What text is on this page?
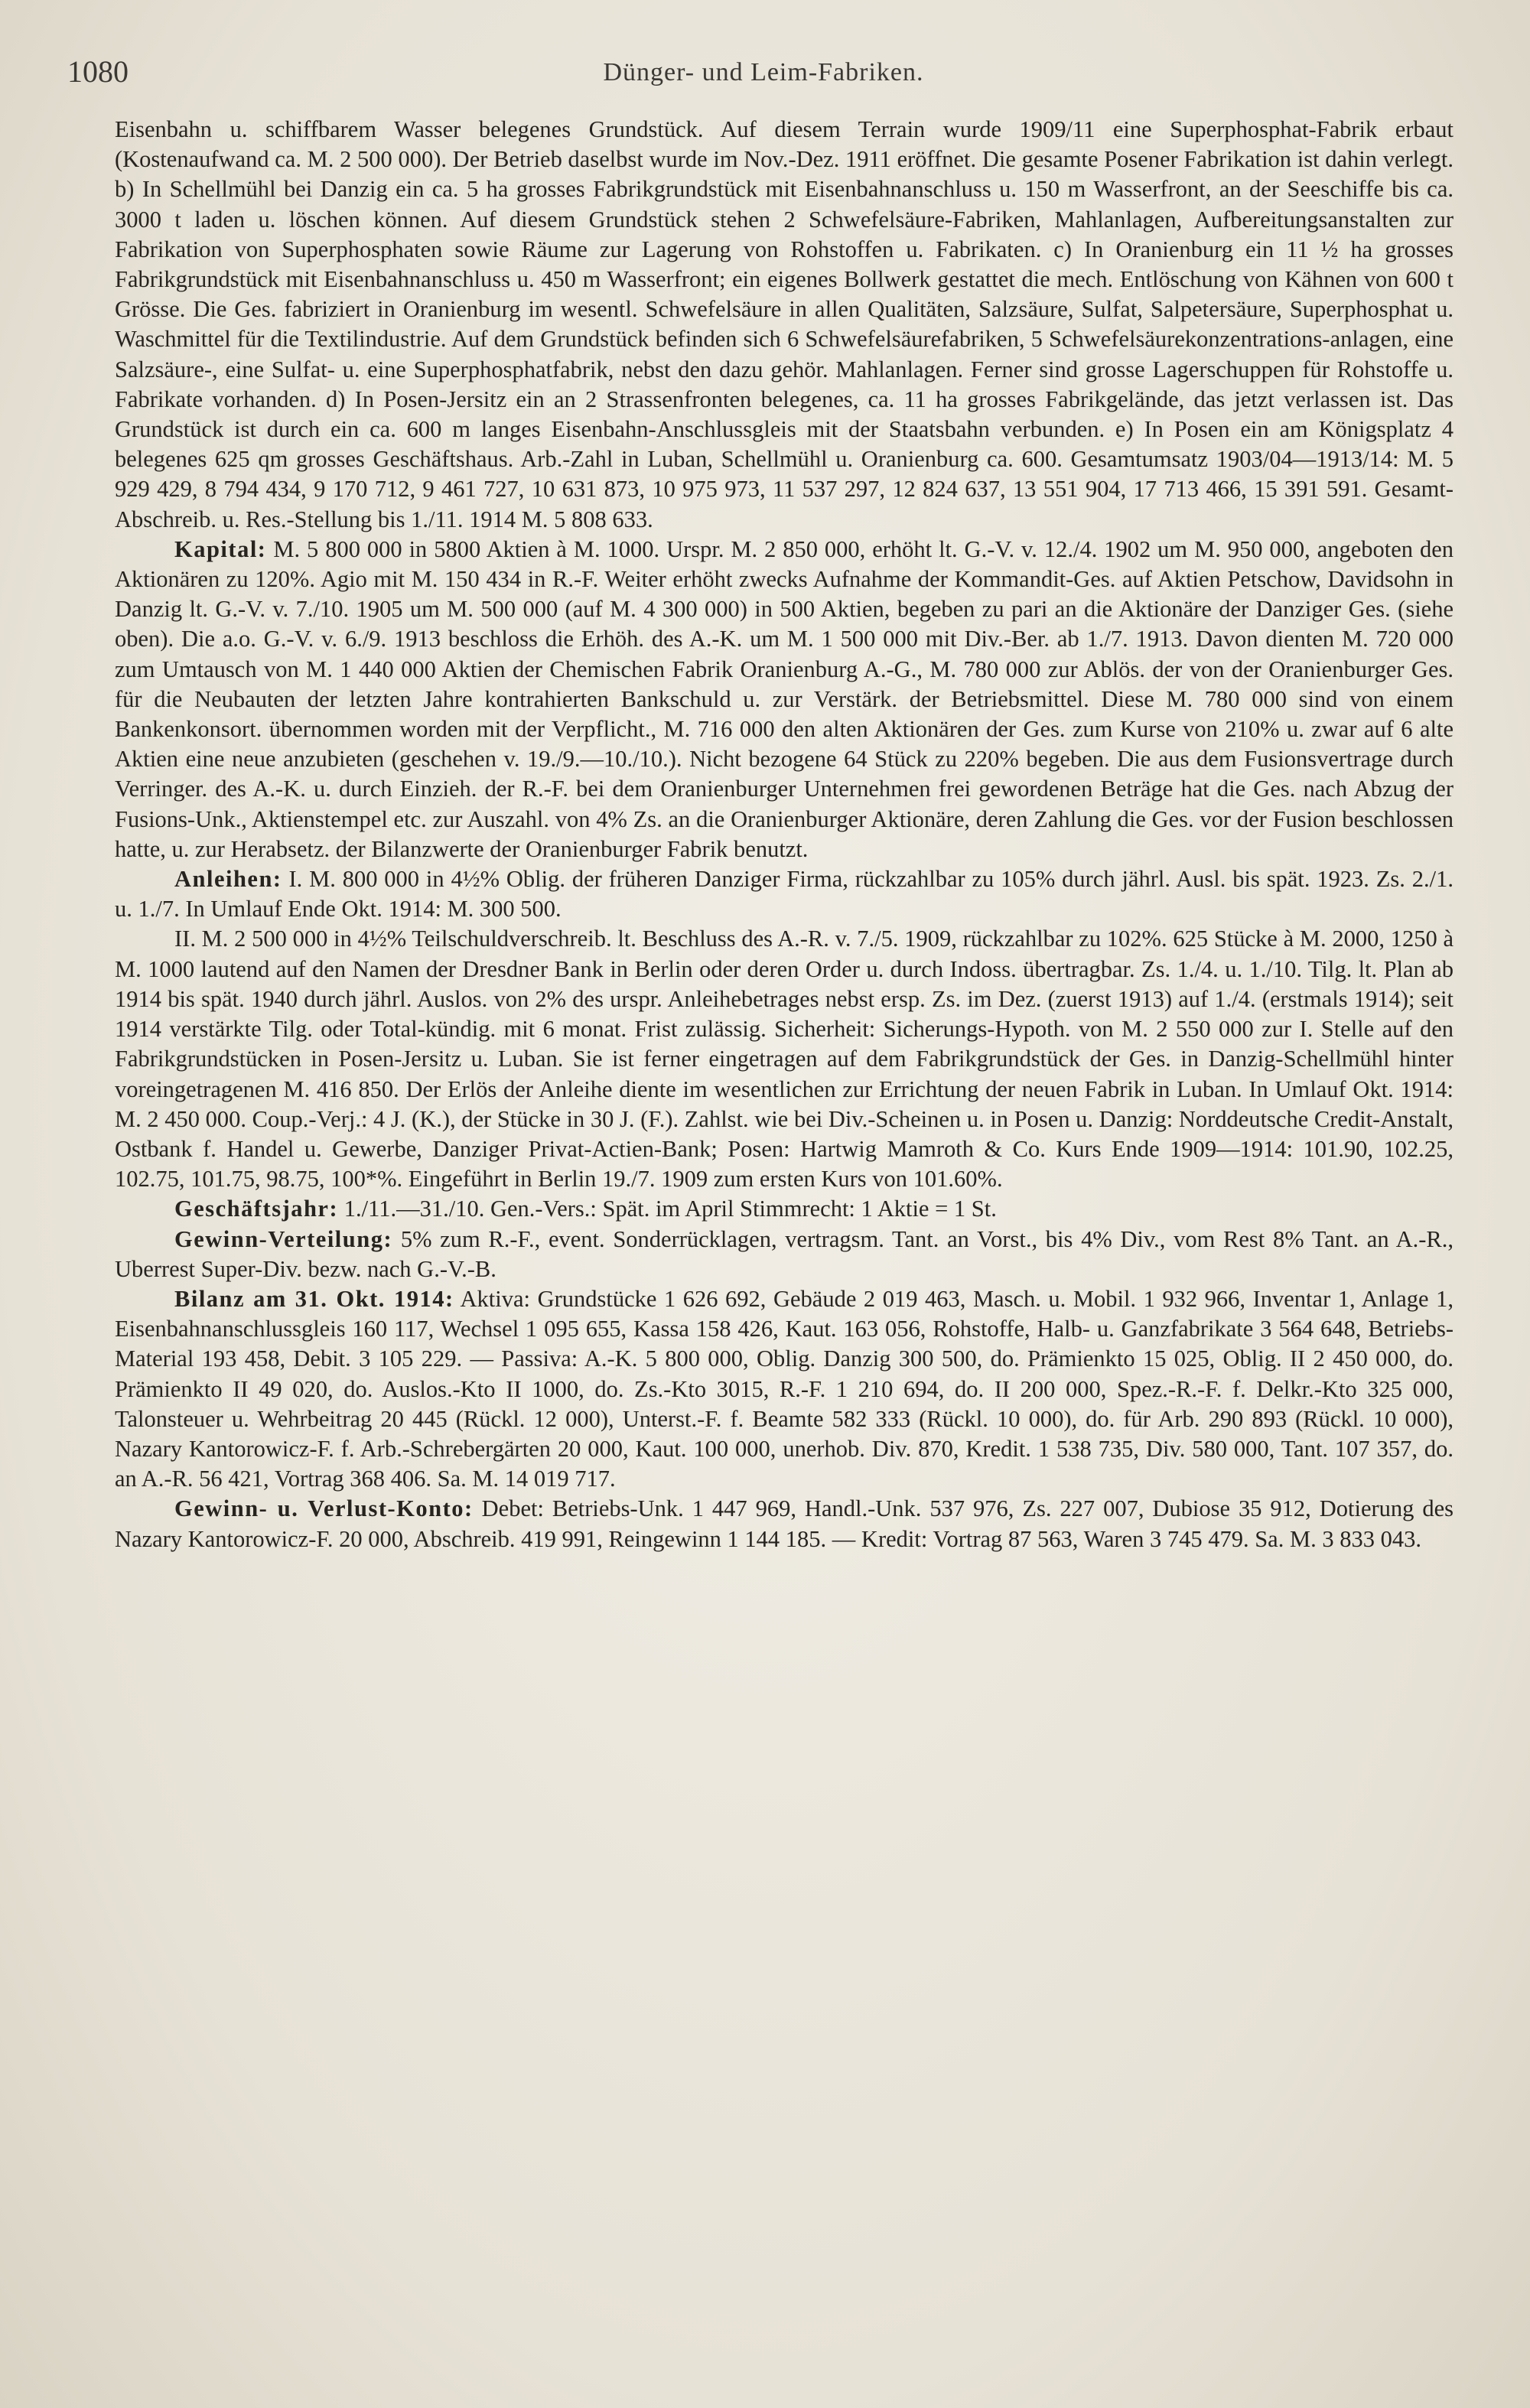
1080	Dünger- und Leim-Fabriken.

Eisenbahn u. schiffbarem Wasser belegenes Grundstück. Auf diesem Terrain wurde 1909/11 eine Superphosphat-Fabrik erbaut (Kostenaufwand ca. M. 2 500 000). Der Betrieb daselbst wurde im Nov.-Dez. 1911 eröffnet. Die gesamte Posener Fabrikation ist dahin verlegt. b) In Schellmühl bei Danzig ein ca. 5 ha grosses Fabrikgrundstück mit Eisenbahnanschluss u. 150 m Wasserfront, an der Seeschiffe bis ca. 3000 t laden u. löschen können. Auf diesem Grundstück stehen 2 Schwefelsäure-Fabriken, Mahlanlagen, Aufbereitungsanstalten zur Fabrikation von Superphosphaten sowie Räume zur Lagerung von Rohstoffen u. Fabrikaten. c) In Oranienburg ein 11 ½ ha grosses Fabrikgrundstück mit Eisenbahnanschluss u. 450 m Wasserfront; ein eigenes Bollwerk gestattet die mech. Entlöschung von Kähnen von 600 t Grösse. Die Ges. fabriziert in Oranienburg im wesentl. Schwefelsäure in allen Qualitäten, Salzsäure, Sulfat, Salpetersäure, Superphosphat u. Waschmittel für die Textilindustrie. Auf dem Grundstück befinden sich 6 Schwefelsäurefabriken, 5 Schwefelsäurekonzentrations-anlagen, eine Salzsäure-, eine Sulfat- u. eine Superphosphatfabrik, nebst den dazu gehör. Mahlanlagen. Ferner sind grosse Lagerschuppen für Rohstoffe u. Fabrikate vorhanden. d) In Posen-Jersitz ein an 2 Strassenfronten belegenes, ca. 11 ha grosses Fabrikgelände, das jetzt verlassen ist. Das Grundstück ist durch ein ca. 600 m langes Eisenbahn-Anschlussgleis mit der Staatsbahn verbunden. e) In Posen ein am Königsplatz 4 belegenes 625 qm grosses Geschäftshaus. Arb.-Zahl in Luban, Schellmühl u. Oranienburg ca. 600. Gesamtumsatz 1903/04—1913/14: M. 5 929 429, 8 794 434, 9 170 712, 9 461 727, 10 631 873, 10 975 973, 11 537 297, 12 824 637, 13 551 904, 17 713 466, 15 391 591. Gesamt-Abschreib. u. Res.-Stellung bis 1./11. 1914 M. 5 808 633.

Kapital: M. 5 800 000 in 5800 Aktien à M. 1000. Urspr. M. 2 850 000, erhöht lt. G.-V. v. 12./4. 1902 um M. 950 000, angeboten den Aktionären zu 120%. Agio mit M. 150 434 in R.-F. Weiter erhöht zwecks Aufnahme der Kommandit-Ges. auf Aktien Petschow, Davidsohn in Danzig lt. G.-V. v. 7./10. 1905 um M. 500 000 (auf M. 4 300 000) in 500 Aktien, begeben zu pari an die Aktionäre der Danziger Ges. (siehe oben). Die a.o. G.-V. v. 6./9. 1913 beschloss die Erhöh. des A.-K. um M. 1 500 000 mit Div.-Ber. ab 1./7. 1913. Davon dienten M. 720 000 zum Umtausch von M. 1 440 000 Aktien der Chemischen Fabrik Oranienburg A.-G., M. 780 000 zur Ablös. der von der Oranienburger Ges. für die Neubauten der letzten Jahre kontrahierten Bankschuld u. zur Verstärk. der Betriebsmittel. Diese M. 780 000 sind von einem Bankenkonsort. übernommen worden mit der Verpflicht., M. 716 000 den alten Aktionären der Ges. zum Kurse von 210% u. zwar auf 6 alte Aktien eine neue anzubieten (geschehen v. 19./9.—10./10.). Nicht bezogene 64 Stück zu 220% begeben. Die aus dem Fusionsvertrage durch Verringer. des A.-K. u. durch Einzieh. der R.-F. bei dem Oranienburger Unternehmen frei gewordenen Beträge hat die Ges. nach Abzug der Fusions-Unk., Aktienstempel etc. zur Auszahl. von 4% Zs. an die Oranienburger Aktionäre, deren Zahlung die Ges. vor der Fusion beschlossen hatte, u. zur Herabsetz. der Bilanzwerte der Oranienburger Fabrik benutzt.

Anleihen: I. M. 800 000 in 4½% Oblig. der früheren Danziger Firma, rückzahlbar zu 105% durch jährl. Ausl. bis spät. 1923. Zs. 2./1. u. 1./7. In Umlauf Ende Okt. 1914: M. 300 500.

II. M. 2 500 000 in 4½% Teilschuldverschreib. lt. Beschluss des A.-R. v. 7./5. 1909, rückzahlbar zu 102%. 625 Stücke à M. 2000, 1250 à M. 1000 lautend auf den Namen der Dresdner Bank in Berlin oder deren Order u. durch Indoss. übertragbar. Zs. 1./4. u. 1./10. Tilg. lt. Plan ab 1914 bis spät. 1940 durch jährl. Auslos. von 2% des urspr. Anleihebetrages nebst ersp. Zs. im Dez. (zuerst 1913) auf 1./4. (erstmals 1914); seit 1914 verstärkte Tilg. oder Total-kündig. mit 6 monat. Frist zulässig. Sicherheit: Sicherungs-Hypoth. von M. 2 550 000 zur I. Stelle auf den Fabrikgrundstücken in Posen-Jersitz u. Luban. Sie ist ferner eingetragen auf dem Fabrikgrundstück der Ges. in Danzig-Schellmühl hinter voreingetragenen M. 416 850. Der Erlös der Anleihe diente im wesentlichen zur Errichtung der neuen Fabrik in Luban. In Umlauf Okt. 1914: M. 2 450 000. Coup.-Verj.: 4 J. (K.), der Stücke in 30 J. (F.). Zahlst. wie bei Div.-Scheinen u. in Posen u. Danzig: Norddeutsche Credit-Anstalt, Ostbank f. Handel u. Gewerbe, Danziger Privat-Actien-Bank; Posen: Hartwig Mamroth & Co. Kurs Ende 1909—1914: 101.90, 102.25, 102.75, 101.75, 98.75, 100*%. Eingeführt in Berlin 19./7. 1909 zum ersten Kurs von 101.60%.

Geschäftsjahr: 1./11.—31./10. Gen.-Vers.: Spät. im April Stimmrecht: 1 Aktie = 1 St.

Gewinn-Verteilung: 5% zum R.-F., event. Sonderrücklagen, vertragsm. Tant. an Vorst., bis 4% Div., vom Rest 8% Tant. an A.-R., Uberrest Super-Div. bezw. nach G.-V.-B.

Bilanz am 31. Okt. 1914: Aktiva: Grundstücke 1 626 692, Gebäude 2 019 463, Masch. u. Mobil. 1 932 966, Inventar 1, Anlage 1, Eisenbahnanschlussgleis 160 117, Wechsel 1 095 655, Kassa 158 426, Kaut. 163 056, Rohstoffe, Halb- u. Ganzfabrikate 3 564 648, Betriebs-Material 193 458, Debit. 3 105 229. — Passiva: A.-K. 5 800 000, Oblig. Danzig 300 500, do. Prämienkto 15 025, Oblig. II 2 450 000, do. Prämienkto II 49 020, do. Auslos.-Kto II 1000, do. Zs.-Kto 3015, R.-F. 1 210 694, do. II 200 000, Spez.-R.-F. f. Delkr.-Kto 325 000, Talonsteuer u. Wehrbeitrag 20 445 (Rückl. 12 000), Unterst.-F. f. Beamte 582 333 (Rückl. 10 000), do. für Arb. 290 893 (Rückl. 10 000), Nazary Kantorowicz-F. f. Arb.-Schrebergärten 20 000, Kaut. 100 000, unerhob. Div. 870, Kredit. 1 538 735, Div. 580 000, Tant. 107 357, do. an A.-R. 56 421, Vortrag 368 406. Sa. M. 14 019 717.

Gewinn- u. Verlust-Konto: Debet: Betriebs-Unk. 1 447 969, Handl.-Unk. 537 976, Zs. 227 007, Dubiose 35 912, Dotierung des Nazary Kantorowicz-F. 20 000, Abschreib. 419 991, Reingewinn 1 144 185. — Kredit: Vortrag 87 563, Waren 3 745 479. Sa. M. 3 833 043.
